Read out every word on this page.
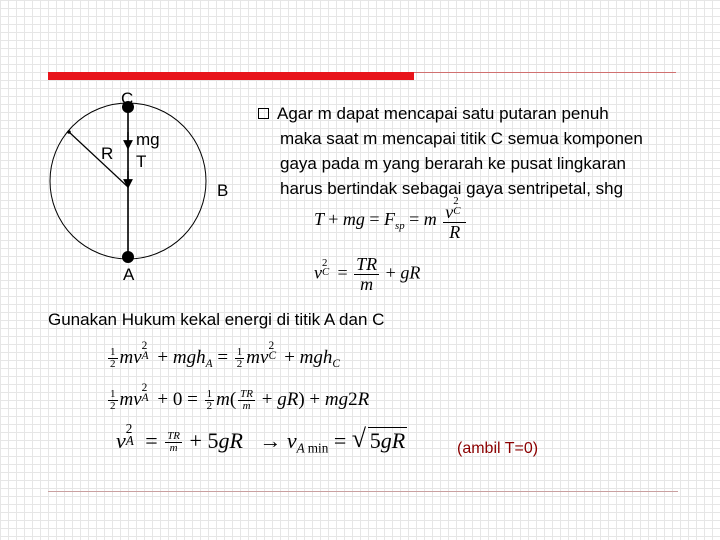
C
R
mg
T
B
A
Agar m dapat mencapai satu putaran penuh
maka saat m mencapai titik C semua komponen
gaya pada m yang berarah ke pusat lingkaran
harus bertindak sebagai gaya sentripetal, shg
T + mg = $F_{sp} = m$ v
2
C
R
v 2
$C = \frac{TR}{m}$ + gR
Gunakan Hukum kekal energi di titik A dan C
$\frac{1}{2}$ mv
2
$A + mgh_A = \frac{1}{2}$ mv
2
C + mgh$_C$
$\frac{1}{2}$ mv
2
$A + 0 = \frac{1}{2} m( \frac{TR}{m} + gR) + mg2R$
v 2
$A = \frac{TR}{m} + 5gR \to v_{A min}$ = √ 5gR	(ambil T=0)
